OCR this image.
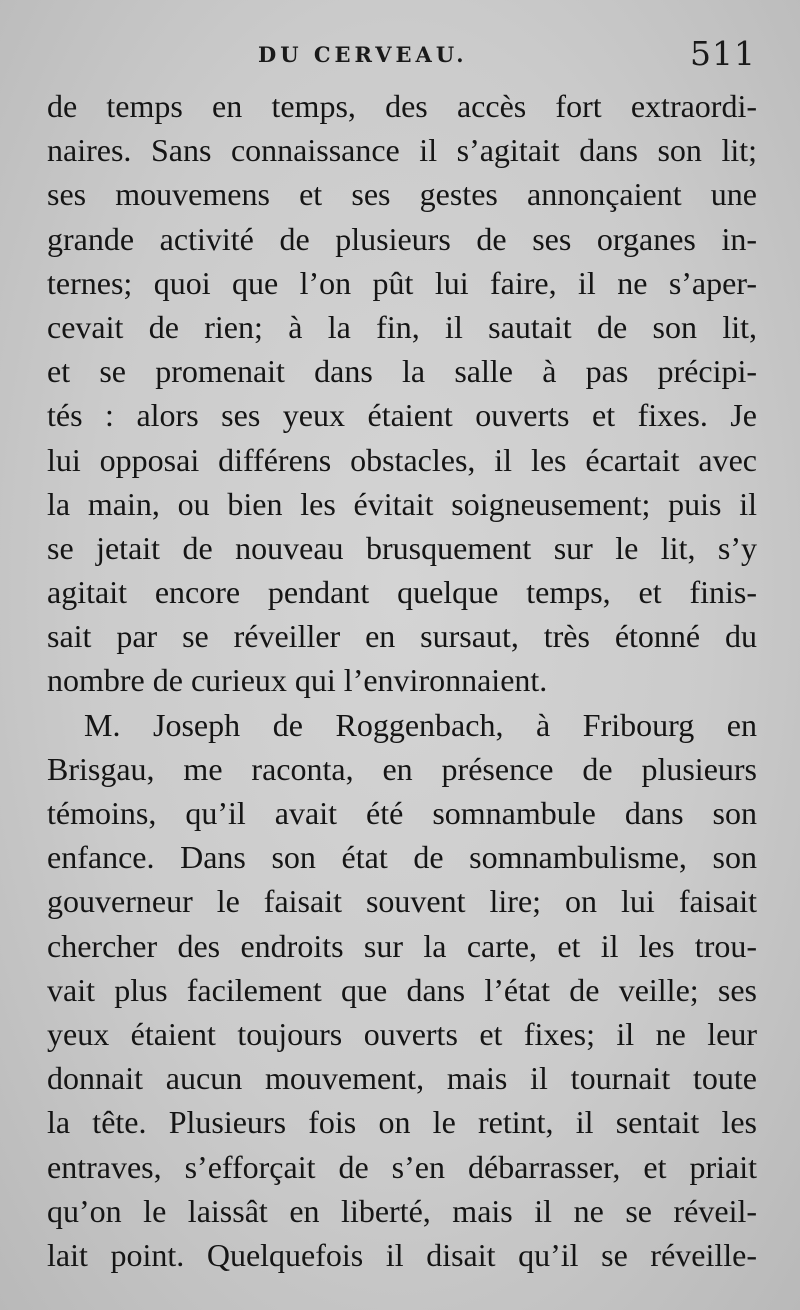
DU CERVEAU.	511
de temps en temps, des accès fort extraordi-
naires. Sans connaissance il s’agitait dans son lit;
ses mouvemens et ses gestes annonçaient une
grande activité de plusieurs de ses organes in-
ternes; quoi que l’on pût lui faire, il ne s’aper-
cevait de rien; à la fin, il sautait de son lit,
et se promenait dans la salle à pas précipi-
tés : alors ses yeux étaient ouverts et fixes. Je
lui opposai différens obstacles, il les écartait avec
la main, ou bien les évitait soigneusement; puis il
se jetait de nouveau brusquement sur le lit, s’y
agitait encore pendant quelque temps, et finis-
sait par se réveiller en sursaut, très étonné du
nombre de curieux qui l’environnaient.
M. Joseph de Roggenbach, à Fribourg en
Brisgau, me raconta, en présence de plusieurs
témoins, qu’il avait été somnambule dans son
enfance. Dans son état de somnambulisme, son
gouverneur le faisait souvent lire; on lui faisait
chercher des endroits sur la carte, et il les trou-
vait plus facilement que dans l’état de veille; ses
yeux étaient toujours ouverts et fixes; il ne leur
donnait aucun mouvement, mais il tournait toute
la tête. Plusieurs fois on le retint, il sentait les
entraves, s’efforçait de s’en débarrasser, et priait
qu’on le laissât en liberté, mais il ne se réveil-
lait point. Quelquefois il disait qu’il se réveille-
